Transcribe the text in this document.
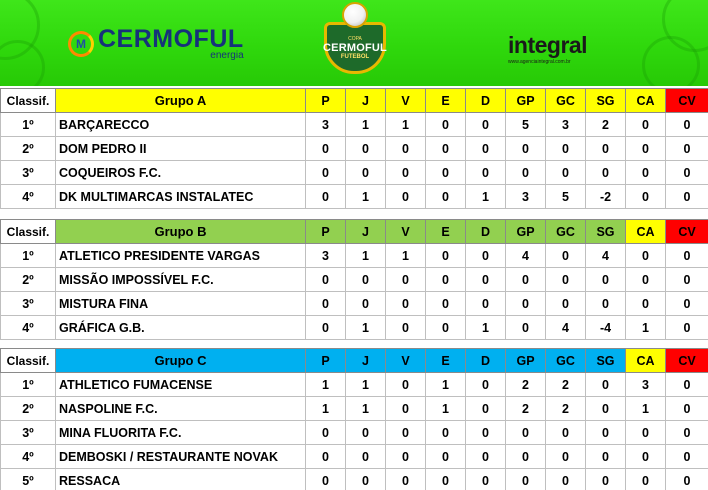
M CERMOFUL
energia
COPA
CERMOFUL
FUTEBOL	integral
www.agenciaintegral.com.br
Classif.	Grupo A	P	J	V	E	D	GP	GC	SG	CA	CV
1º	BARÇARECCO	3	1	1	0	0	5	3	2	0	0
2º	DOM PEDRO II	0	0	0	0	0	0	0	0	0	0
3º	COQUEIROS F.C.	0	0	0	0	0	0	0	0	0	0
4º	DK MULTIMARCAS INSTALATEC	0	1	0	0	1	3	5	-2	0	0
Classif.	Grupo B	P	J	V	E	D	GP	GC	SG	CA	CV
1º	ATLETICO PRESIDENTE VARGAS	3	1	1	0	0	4	0	4	0	0
2º	MISSÃO IMPOSSÍVEL F.C.	0	0	0	0	0	0	0	0	0	0
3º	MISTURA FINA	0	0	0	0	0	0	0	0	0	0
4º	GRÁFICA G.B.	0	1	0	0	1	0	4	-4	1	0
Classif.	Grupo C	P	J	V	E	D	GP	GC	SG	CA	CV
1º	ATHLETICO FUMACENSE	1	1	0	1	0	2	2	0	3	0
2º	NASPOLINE F.C.	1	1	0	1	0	2	2	0	1	0
3º	MINA FLUORITA F.C.	0	0	0	0	0	0	0	0	0	0
4º	DEMBOSKI / RESTAURANTE NOVAK	0	0	0	0	0	0	0	0	0	0
5º	RESSACA	0	0	0	0	0	0	0	0	0	0
